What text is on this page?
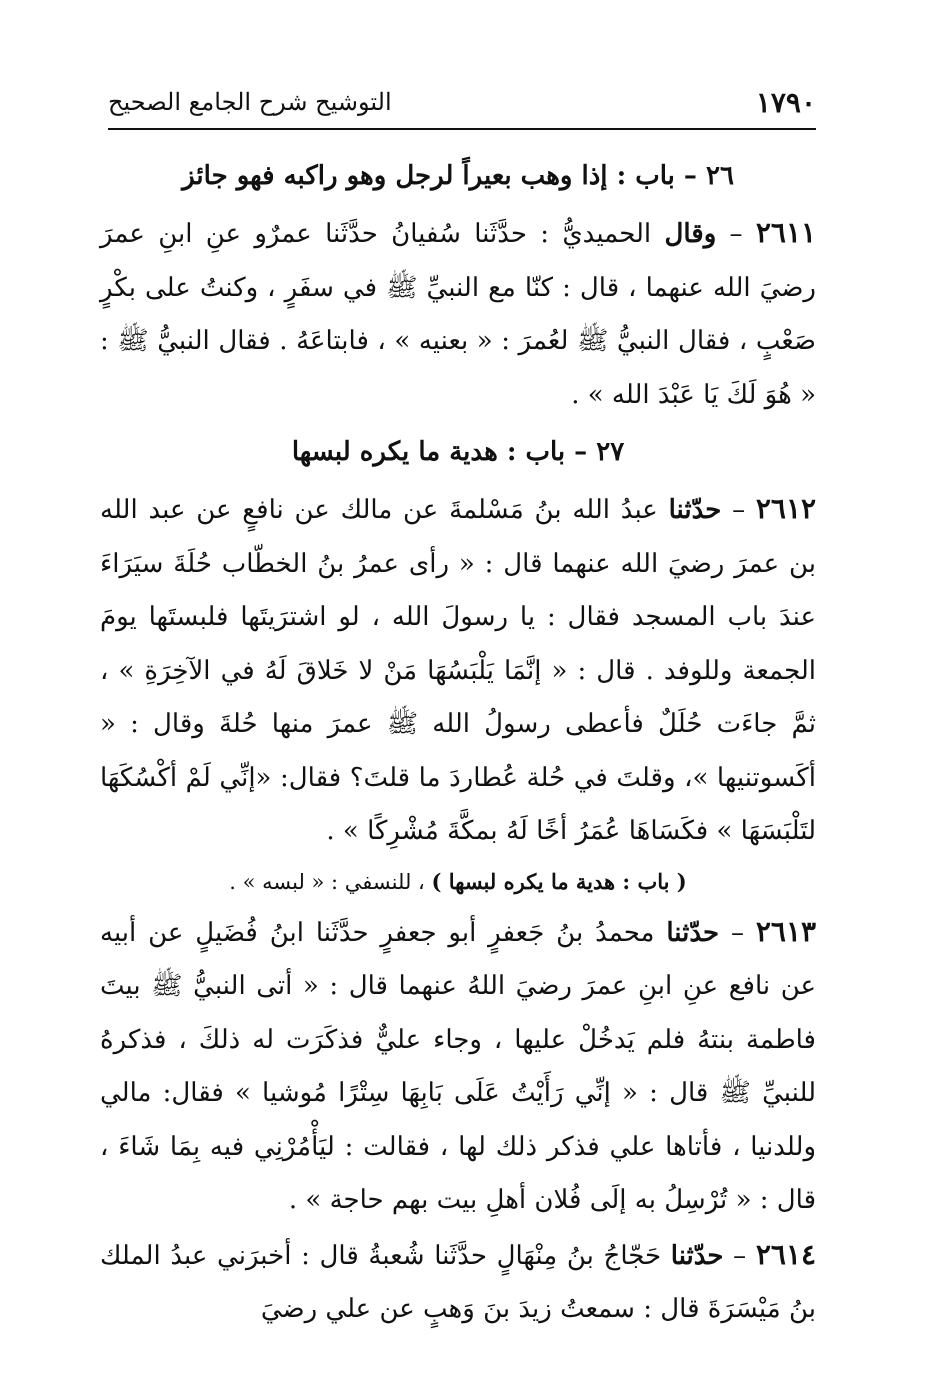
١٧٩٠
التوشيح شرح الجامع الصحيح
٢٦ – باب : إذا وهب بعيراً لرجل وهو راكبه فهو جائز

٢٦١١ – وقال الحميديُّ : حدَّثَنا سُفيانُ حدَّثَنا عمرٌو عنِ ابنِ عمرَ رضيَ الله عنهما ، قال : كنّا مع النبيِّ ﷺ في سفَرٍ ، وكنتُ على بكْرٍ صَعْبٍ ، فقال النبيُّ ﷺ لعُمرَ : « بعنيه » ، فابتاعَهُ . فقال النبيُّ ﷺ : « هُوَ لَكَ يَا عَبْدَ الله » .

٢٧ – باب : هدية ما يكره لبسها

٢٦١٢ – حدّثنا عبدُ الله بنُ مَسْلمةَ عن مالك عن نافعٍ عن عبد الله بن عمرَ رضيَ الله عنهما قال : « رأى عمرُ بنُ الخطّاب حُلَةَ سيَرَاءَ عندَ باب المسجد فقال : يا رسولَ الله ، لو اشترَيتَها فلبستَها يومَ الجمعة وللوفد . قال : « إنَّمَا يَلْبَسُهَا مَنْ لا خَلاقَ لَهُ في الآخِرَةِ » ، ثمَّ جاءَت حُلَلٌ فأعطى رسولُ الله ﷺ عمرَ منها حُلةَ وقال : « أكَسوتنيها »، وقلتَ في حُلة عُطاردَ ما قلتَ؟ فقال: «إنِّي لَمْ أكْسُكَهَا لتَلْبَسَهَا » فكَسَاهَا عُمَرُ أخًا لَهُ بمكَّةَ مُشْرِكًا » .

( باب : هدية ما يكره لبسها ) ، للنسفي : « لبسه » .

٢٦١٣ – حدّثنا محمدُ بنُ جَعفرٍ أبو جعفرٍ حدَّثَنا ابنُ فُضَيلٍ عن أبيه عن نافع عنِ ابنِ عمرَ رضيَ اللهُ عنهما قال : « أتى النبيُّ ﷺ بيتَ فاطمة بنتهُ فلم يَدخُلْ عليها ، وجاء عليٌّ فذكَرَت له ذلكَ ، فذكرهُ للنبيِّ ﷺ قال : « إنِّي رَأَيْتُ عَلَى بَابِهَا سِتْرًا مُوشيا » فقال: مالي وللدنيا ، فأتاها علي فذكر ذلك لها ، فقالت : ليَأْمُرْنِي فيه بِمَا شَاءَ ، قال : « تُرْسِلُ به إلَى فُلان أهلِ بيت بهم حاجة » .

٢٦١٤ – حدّثنا حَجّاجُ بنُ مِنْهَالٍ حدَّثَنا شُعبةُ قال : أخبرَني عبدُ الملك بنُ مَيْسَرَةَ قال : سمعتُ زيدَ بنَ وَهبٍ عن علي رضيَ
